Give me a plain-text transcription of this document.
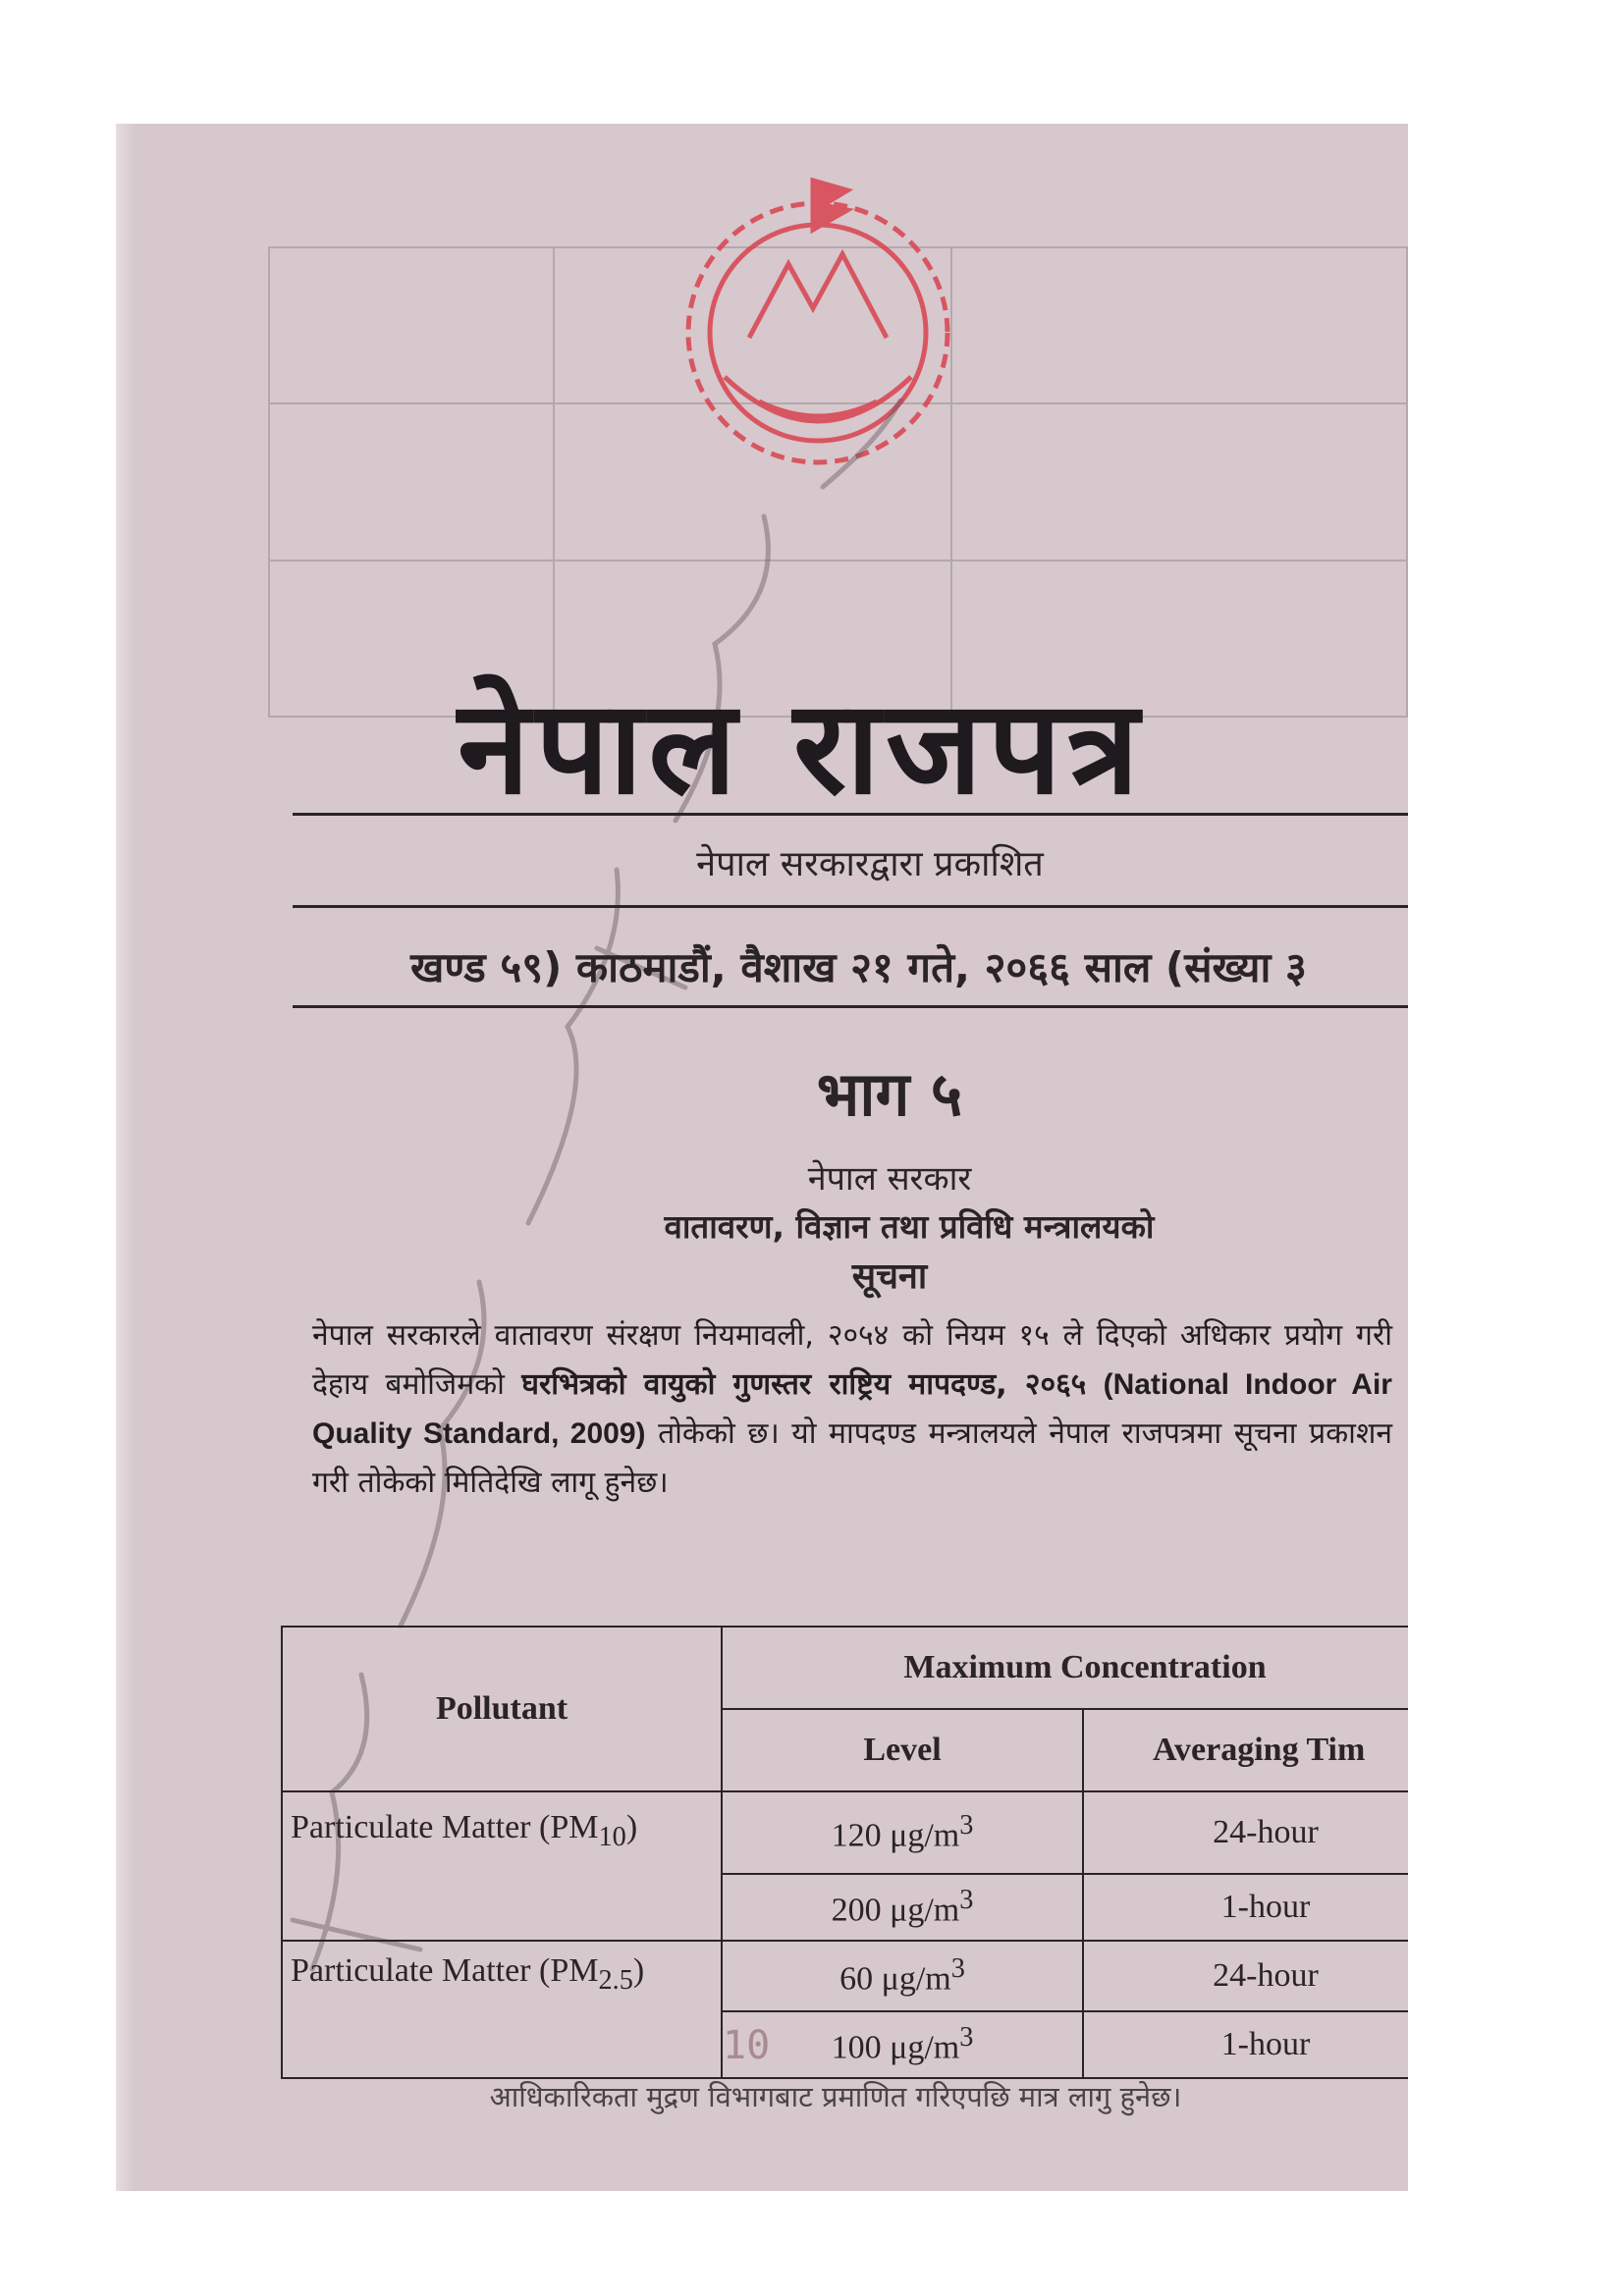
नेपाल राजपत्र
नेपाल सरकारद्वारा प्रकाशित
खण्ड ५९) काठमाडौं, वैशाख २१ गते, २०६६ साल (संख्या ३
भाग ५
नेपाल सरकार
वातावरण, विज्ञान तथा प्रविधि मन्त्रालयको
सूचना
नेपाल सरकारले वातावरण संरक्षण नियमावली, २०५४ को नियम १५ ले दिएको अधिकार प्रयोग गरी देहाय बमोजिमको घरभित्रको वायुको गुणस्तर राष्ट्रिय मापदण्ड, २०६५ (National Indoor Air Quality Standard, 2009) तोकेको छ। यो मापदण्ड मन्त्रालयले नेपाल राजपत्रमा सूचना प्रकाशन गरी तोकेको मितिदेखि लागू हुनेछ।
Pollutant	Maximum Concentration	
	Level	Averaging Tim
Particulate Matter $(PM_{10})$	120 $\mu g/m^3$	24-hour
	200 $\mu g/m^3$	1-hour
Particulate Matter $(PM_{2.5})$	60 $\mu g/m^3$	24-hour
	100 $\mu g/m^3$	1-hour
10
आधिकारिकता मुद्रण विभागबाट प्रमाणित गरिएपछि मात्र लागु हुनेछ।
